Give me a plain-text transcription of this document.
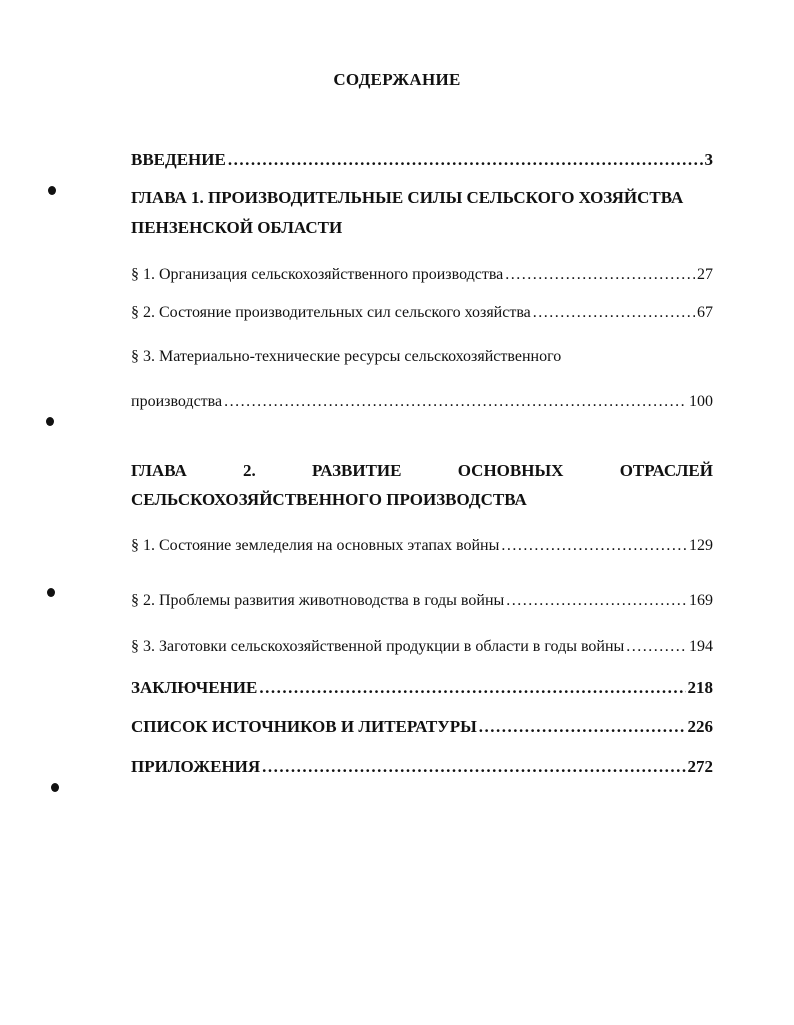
СОДЕРЖАНИЕ
ВВЕДЕНИЕ .....	3
ГЛАВА 1. ПРОИЗВОДИТЕЛЬНЫЕ СИЛЫ СЕЛЬСКОГО ХОЗЯЙСТВА
ПЕНЗЕНСКОЙ ОБЛАСТИ
§ 1. Организация сельскохозяйственного производства .....	27
§ 2. Состояние производительных сил сельского хозяйства .....	67
§ 3. Материально-технические ресурсы сельскохозяйственного
производства .....	100
ГЛАВА	2.	РАЗВИТИЕ	ОСНОВНЫХ	ОТРАСЛЕЙ
СЕЛЬСКОХОЗЯЙСТВЕННОГО ПРОИЗВОДСТВА
§ 1. Состояние земледелия на основных этапах войны .....	129
§ 2. Проблемы развития животноводства в годы войны .....	169
§ 3. Заготовки сельскохозяйственной продукции в области в годы войны .....	194
ЗАКЛЮЧЕНИЕ .....	218
СПИСОК ИСТОЧНИКОВ И ЛИТЕРАТУРЫ .....	226
ПРИЛОЖЕНИЯ .....	272
